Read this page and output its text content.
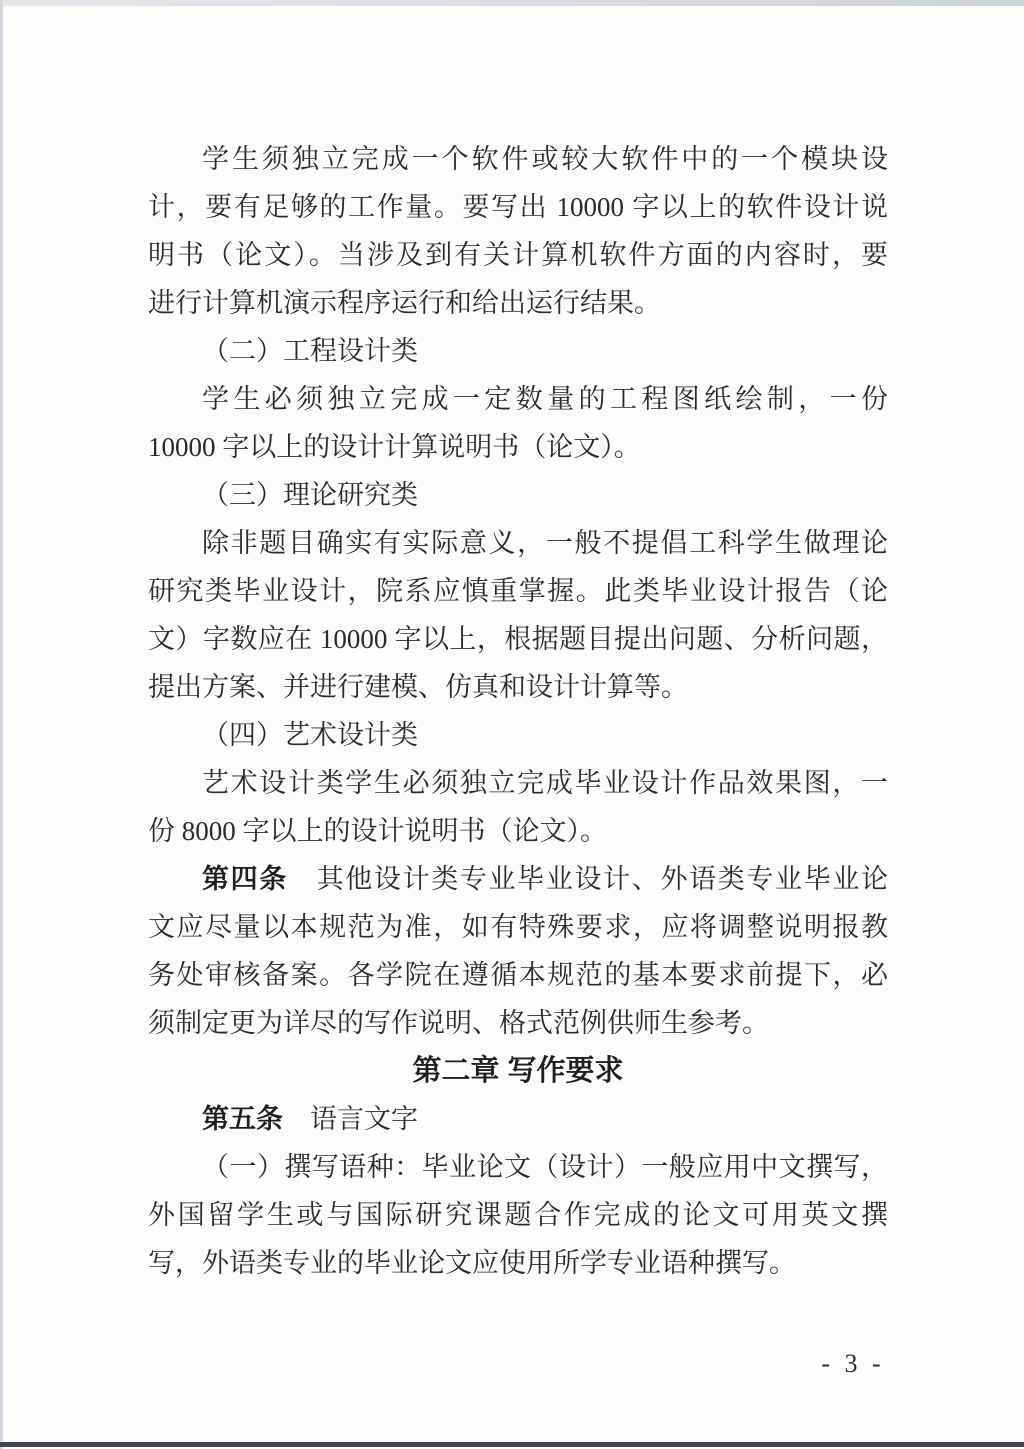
学生须独立完成一个软件或较大软件中的一个模块设
计，要有足够的工作量。要写出 10000 字以上的软件设计说
明书（论文）。当涉及到有关计算机软件方面的内容时，要
进行计算机演示程序运行和给出运行结果。
（二）工程设计类
学生必须独立完成一定数量的工程图纸绘制，一份
10000 字以上的设计计算说明书（论文）。
（三）理论研究类
除非题目确实有实际意义，一般不提倡工科学生做理论
研究类毕业设计，院系应慎重掌握。此类毕业设计报告（论
文）字数应在 10000 字以上，根据题目提出问题、分析问题，
提出方案、并进行建模、仿真和设计计算等。
（四）艺术设计类
艺术设计类学生必须独立完成毕业设计作品效果图，一
份 8000 字以上的设计说明书（论文）。
第四条　其他设计类专业毕业设计、外语类专业毕业论
文应尽量以本规范为准，如有特殊要求，应将调整说明报教
务处审核备案。各学院在遵循本规范的基本要求前提下，必
须制定更为详尽的写作说明、格式范例供师生参考。
第二章 写作要求
第五条　语言文字
（一）撰写语种：毕业论文（设计）一般应用中文撰写，
外国留学生或与国际研究课题合作完成的论文可用英文撰
写，外语类专业的毕业论文应使用所学专业语种撰写。
- 3 -
